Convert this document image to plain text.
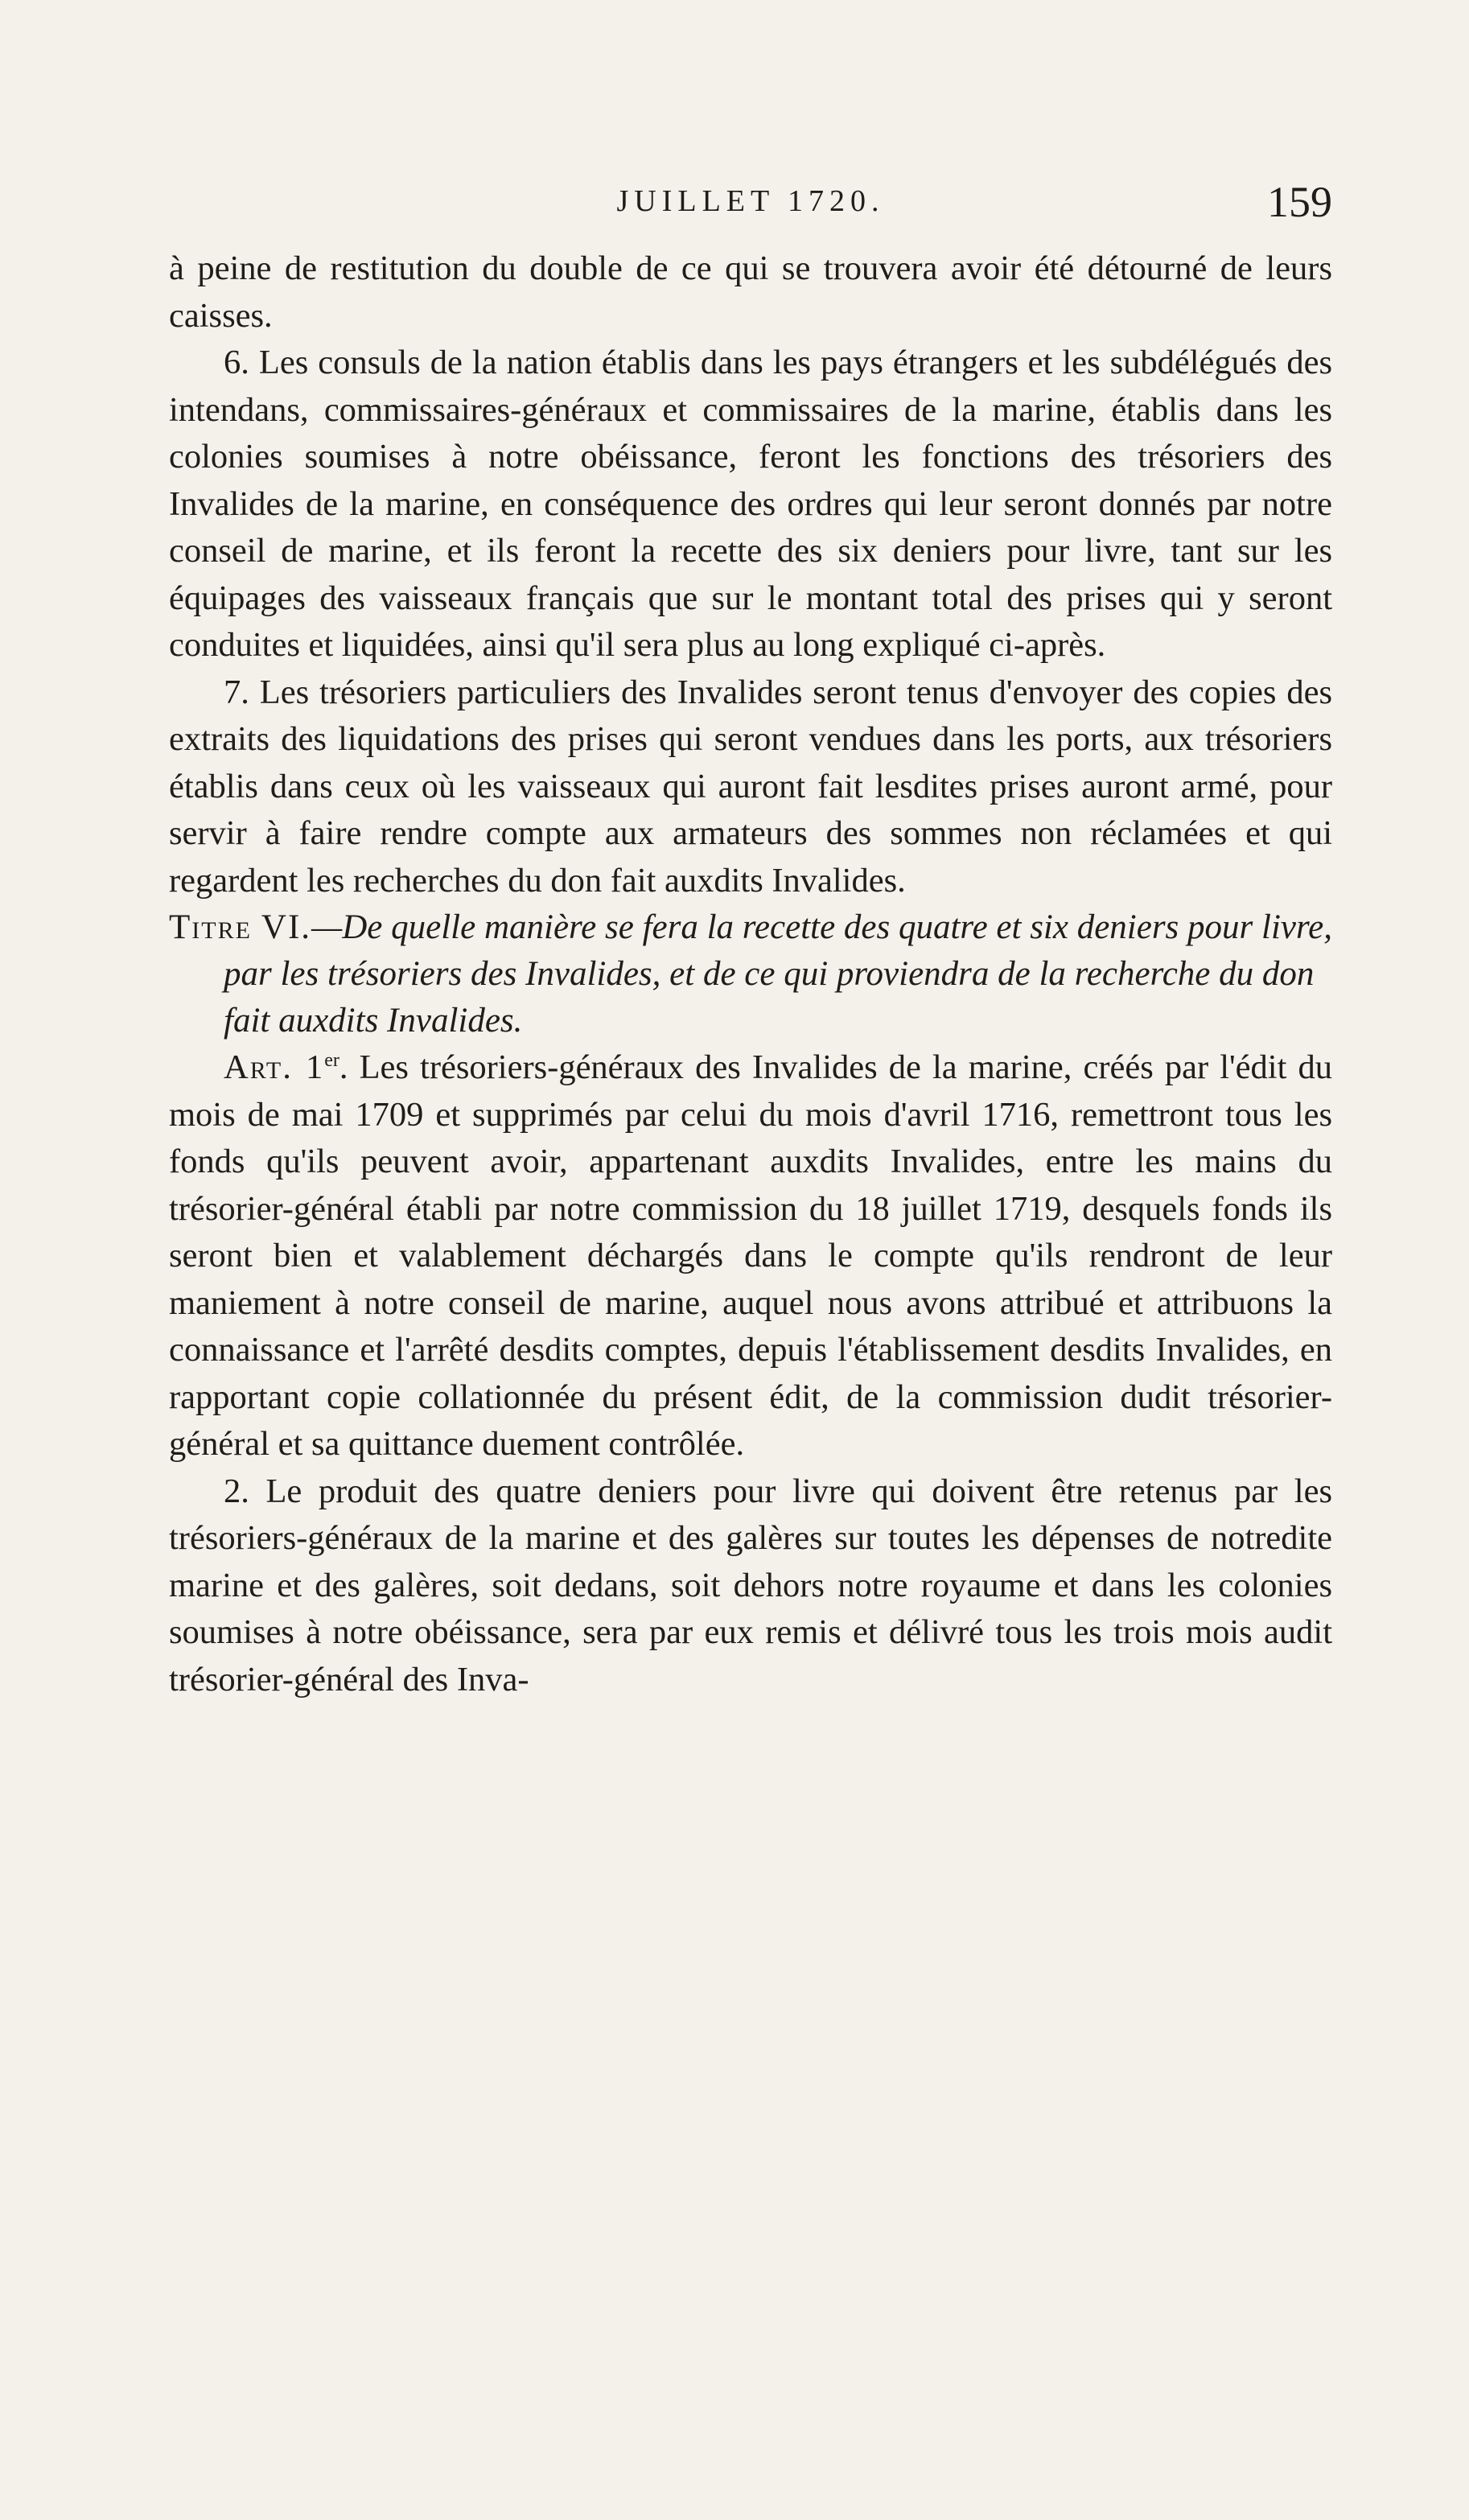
JUILLET 1720.	159

à peine de restitution du double de ce qui se trouvera avoir été détourné de leurs caisses.

6. Les consuls de la nation établis dans les pays étrangers et les subdélégués des intendans, commissaires-généraux et commissaires de la marine, établis dans les colonies soumises à notre obéissance, feront les fonctions des trésoriers des Invalides de la marine, en conséquence des ordres qui leur seront donnés par notre conseil de marine, et ils feront la recette des six deniers pour livre, tant sur les équipages des vaisseaux français que sur le montant total des prises qui y seront conduites et liquidées, ainsi qu'il sera plus au long expliqué ci-après.

7. Les trésoriers particuliers des Invalides seront tenus d'envoyer des copies des extraits des liquidations des prises qui seront vendues dans les ports, aux trésoriers établis dans ceux où les vaisseaux qui auront fait lesdites prises auront armé, pour servir à faire rendre compte aux armateurs des sommes non réclamées et qui regardent les recherches du don fait auxdits Invalides.

Titre VI.—De quelle manière se fera la recette des quatre et six deniers pour livre, par les trésoriers des Invalides, et de ce qui proviendra de la recherche du don fait auxdits Invalides.

Art. 1er. Les trésoriers-généraux des Invalides de la marine, créés par l'édit du mois de mai 1709 et supprimés par celui du mois d'avril 1716, remettront tous les fonds qu'ils peuvent avoir, appartenant auxdits Invalides, entre les mains du trésorier-général établi par notre commission du 18 juillet 1719, desquels fonds ils seront bien et valablement déchargés dans le compte qu'ils rendront de leur maniement à notre conseil de marine, auquel nous avons attribué et attribuons la connaissance et l'arrêté desdits comptes, depuis l'établissement desdits Invalides, en rapportant copie collationnée du présent édit, de la commission dudit trésorier-général et sa quittance duement contrôlée.

2. Le produit des quatre deniers pour livre qui doivent être retenus par les trésoriers-généraux de la marine et des galères sur toutes les dépenses de notredite marine et des galères, soit dedans, soit dehors notre royaume et dans les colonies soumises à notre obéissance, sera par eux remis et délivré tous les trois mois audit trésorier-général des Inva-
